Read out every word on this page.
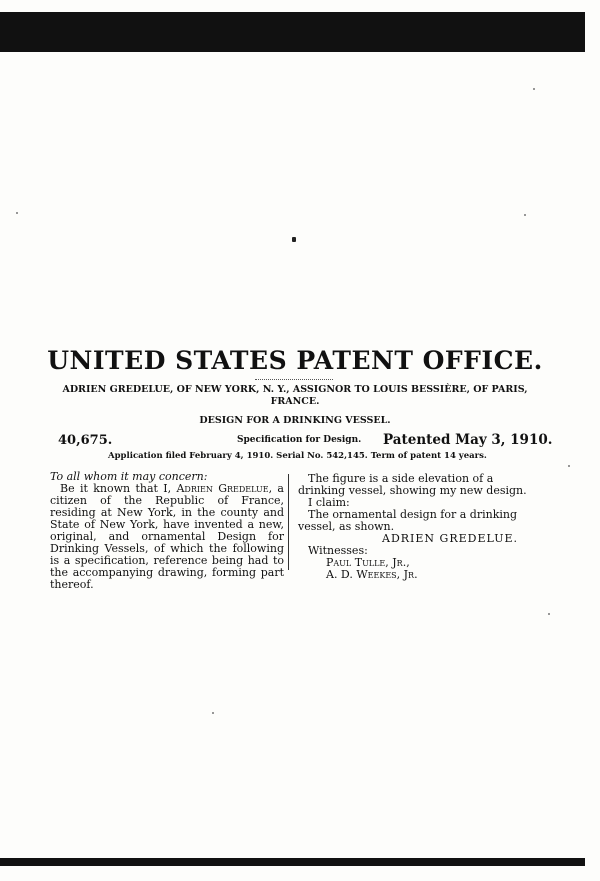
UNITED STATES PATENT OFFICE.
ADRIEN GREDELUE, OF NEW YORK, N. Y., ASSIGNOR TO LOUIS BESSIÈRE, OF PARIS,
FRANCE.
DESIGN FOR A DRINKING VESSEL.
40,675.	Specification for Design. Patented May 3, 1910.
Application filed February 4, 1910. Serial No. 542,145. Term of patent 14 years.

To all whom it may concern:

Be it known that I, Adrien Gredelue, a citizen of the Republic of France, residing at New York, in the county and State of New York, have invented a new, original, and ornamental Design for Drinking Vessels, of which the following is a specification, reference being had to the accompanying drawing, forming part thereof.

The figure is a side elevation of a drinking vessel, showing my new design.

I claim:

The ornamental design for a drinking vessel, as shown.

ADRIEN GREDELUE.

Witnesses:

Paul Tulle, Jr.,

A. D. Weekes, Jr.
